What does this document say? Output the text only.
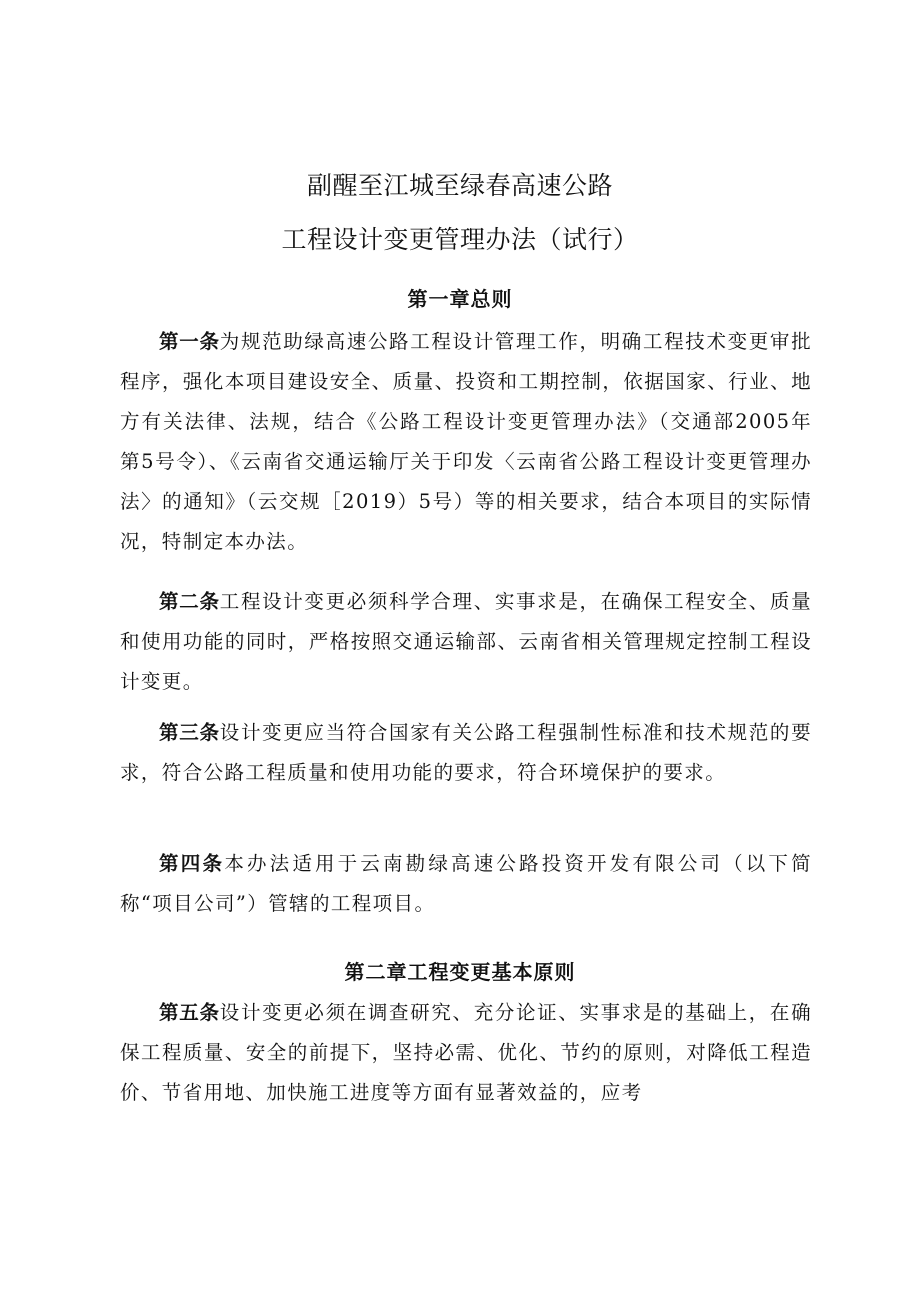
副醒至江城至绿春高速公路
工程设计变更管理办法（试行）
第一章总则

第一条为规范助绿高速公路工程设计管理工作，明确工程技术变更审批程序，强化本项目建设安全、质量、投资和工期控制，依据国家、行业、地方有关法律、法规，结合《公路工程设计变更管理办法》（交通部2005年第5号令）、《云南省交通运输厅关于印发〈云南省公路工程设计变更管理办法〉的通知》（云交规［2019）5号）等的相关要求，结合本项目的实际情况，特制定本办法。

第二条工程设计变更必须科学合理、实事求是，在确保工程安全、质量和使用功能的同时，严格按照交通运输部、云南省相关管理规定控制工程设计变更。

第三条设计变更应当符合国家有关公路工程强制性标准和技术规范的要求，符合公路工程质量和使用功能的要求，符合环境保护的要求。

第四条本办法适用于云南勘绿高速公路投资开发有限公司（以下简称“项目公司”）管辖的工程项目。

第二章工程变更基本原则

第五条设计变更必须在调查研究、充分论证、实事求是的基础上，在确保工程质量、安全的前提下，坚持必需、优化、节约的原则，对降低工程造价、节省用地、加快施工进度等方面有显著效益的，应考
